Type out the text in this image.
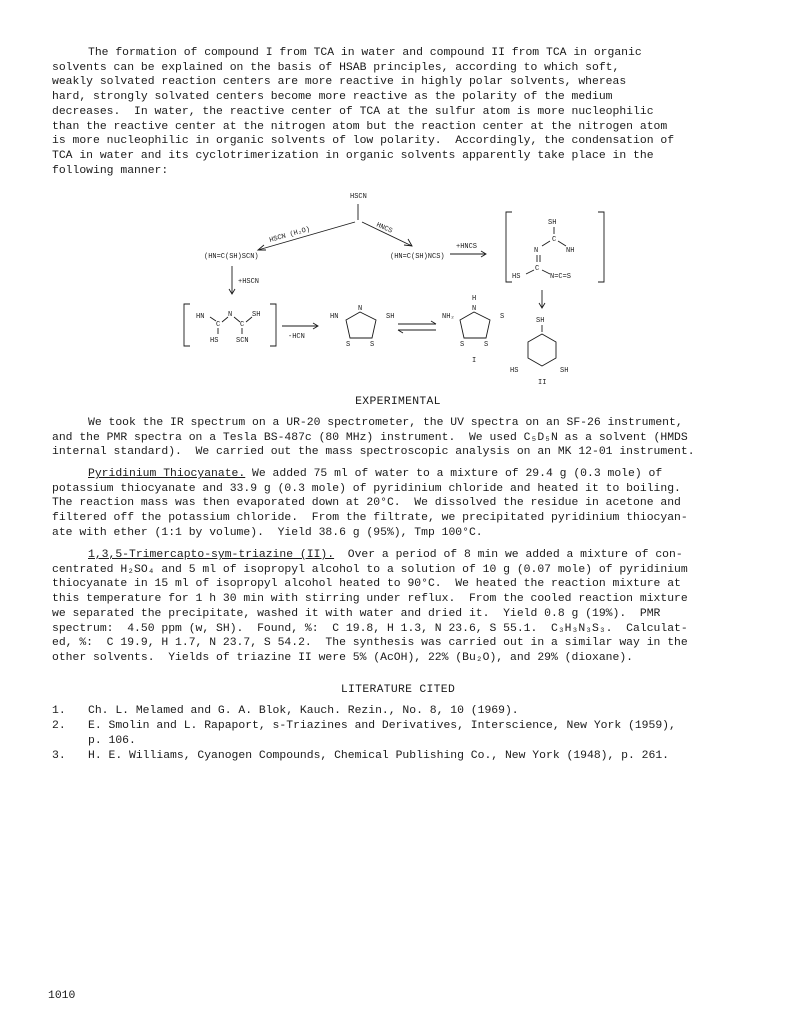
The formation of compound I from TCA in water and compound II from TCA in organic
solvents can be explained on the basis of HSAB principles, according to which soft,
weakly solvated reaction centers are more reactive in highly polar solvents, whereas
hard, strongly solvated centers become more reactive as the polarity of the medium
decreases.  In water, the reactive center of TCA at the sulfur atom is more nucleophilic
than the reactive center at the nitrogen atom but the reaction center at the nitrogen atom
is more nucleophilic in organic solvents of low polarity.  Accordingly, the condensation of
TCA in water and its cyclotrimerization in organic solvents apparently take place in the
following manner:
HSCN
HSCN (H₂O)	HNCS
(HN=C(SH)SCN)	(HN=C(SH)NCS)
+HNCS
SH
C
N	NH
C
HS	N=C=S
+HSCN
HN
C
N
C
SH
HS	SCN	-HCN
HN
N
SH
S	S
H
N
NH₂	S
S	S
I
SH
HS	SH
II
EXPERIMENTAL
We took the IR spectrum on a UR-20 spectrometer, the UV spectra on an SF-26 instrument,
and the PMR spectra on a Tesla BS-487c (80 MHz) instrument.  We used C₅D₅N as a solvent (HMDS
internal standard).  We carried out the mass spectroscopic analysis on an MK 12-01 instrument.
Pyridinium Thiocyanate. We added 75 ml of water to a mixture of 29.4 g (0.3 mole) of
potassium thiocyanate and 33.9 g (0.3 mole) of pyridinium chloride and heated it to boiling.
The reaction mass was then evaporated down at 20°C.  We dissolved the residue in acetone and
filtered off the potassium chloride.  From the filtrate, we precipitated pyridinium thiocyan-
ate with ether (1:1 by volume).  Yield 38.6 g (95%), Tmp 100°C.
1,3,5-Trimercapto-sym-triazine (II).  Over a period of 8 min we added a mixture of con-
centrated H₂SO₄ and 5 ml of isopropyl alcohol to a solution of 10 g (0.07 mole) of pyridinium
thiocyanate in 15 ml of isopropyl alcohol heated to 90°C.  We heated the reaction mixture at
this temperature for 1 h 30 min with stirring under reflux.  From the cooled reaction mixture
we separated the precipitate, washed it with water and dried it.  Yield 0.8 g (19%).  PMR
spectrum:  4.50 ppm (w, SH).  Found, %:  C 19.8, H 1.3, N 23.6, S 55.1.  C₃H₃N₃S₃.  Calculat-
ed, %:  C 19.9, H 1.7, N 23.7, S 54.2.  The synthesis was carried out in a similar way in the
other solvents.  Yields of triazine II were 5% (AcOH), 22% (Bu₂O), and 29% (dioxane).
LITERATURE CITED
1. Ch. L. Melamed and G. A. Blok, Kauch. Rezin., No. 8, 10 (1969).
2. E. Smolin and L. Rapaport, s-Triazines and Derivatives, Interscience, New York (1959),
p. 106.
3. H. E. Williams, Cyanogen Compounds, Chemical Publishing Co., New York (1948), p. 261.
1010
